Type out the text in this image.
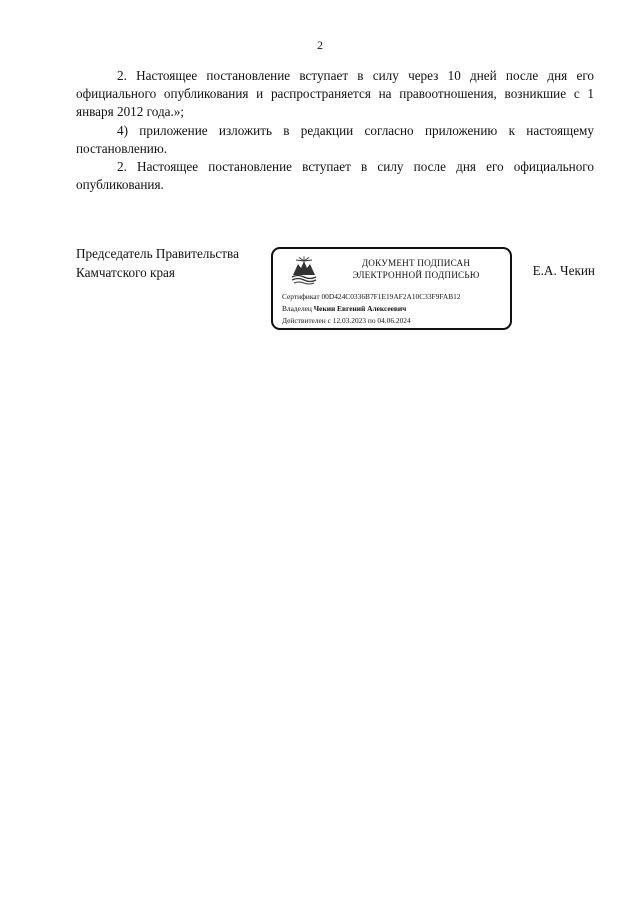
2

2. Настоящее постановление вступает в силу через 10 дней после дня его официального опубликования и распространяется на правоотношения, возникшие с 1 января 2012 года.»;

4) приложение изложить в редакции согласно приложению к настоящему постановлению.

2. Настоящее постановление вступает в силу после дня его официального опубликования.

Председатель Правительства
Камчатского края
ДОКУМЕНТ ПОДПИСАН
ЭЛЕКТРОННОЙ ПОДПИСЬЮ
Сертификат 00D424C0336B7F1E19AF2A10C33F9FAB12
Владелец Чекин Евгений Алексеевич
Действителен с 12.03.2023 по 04.06.2024
Е.А. Чекин
